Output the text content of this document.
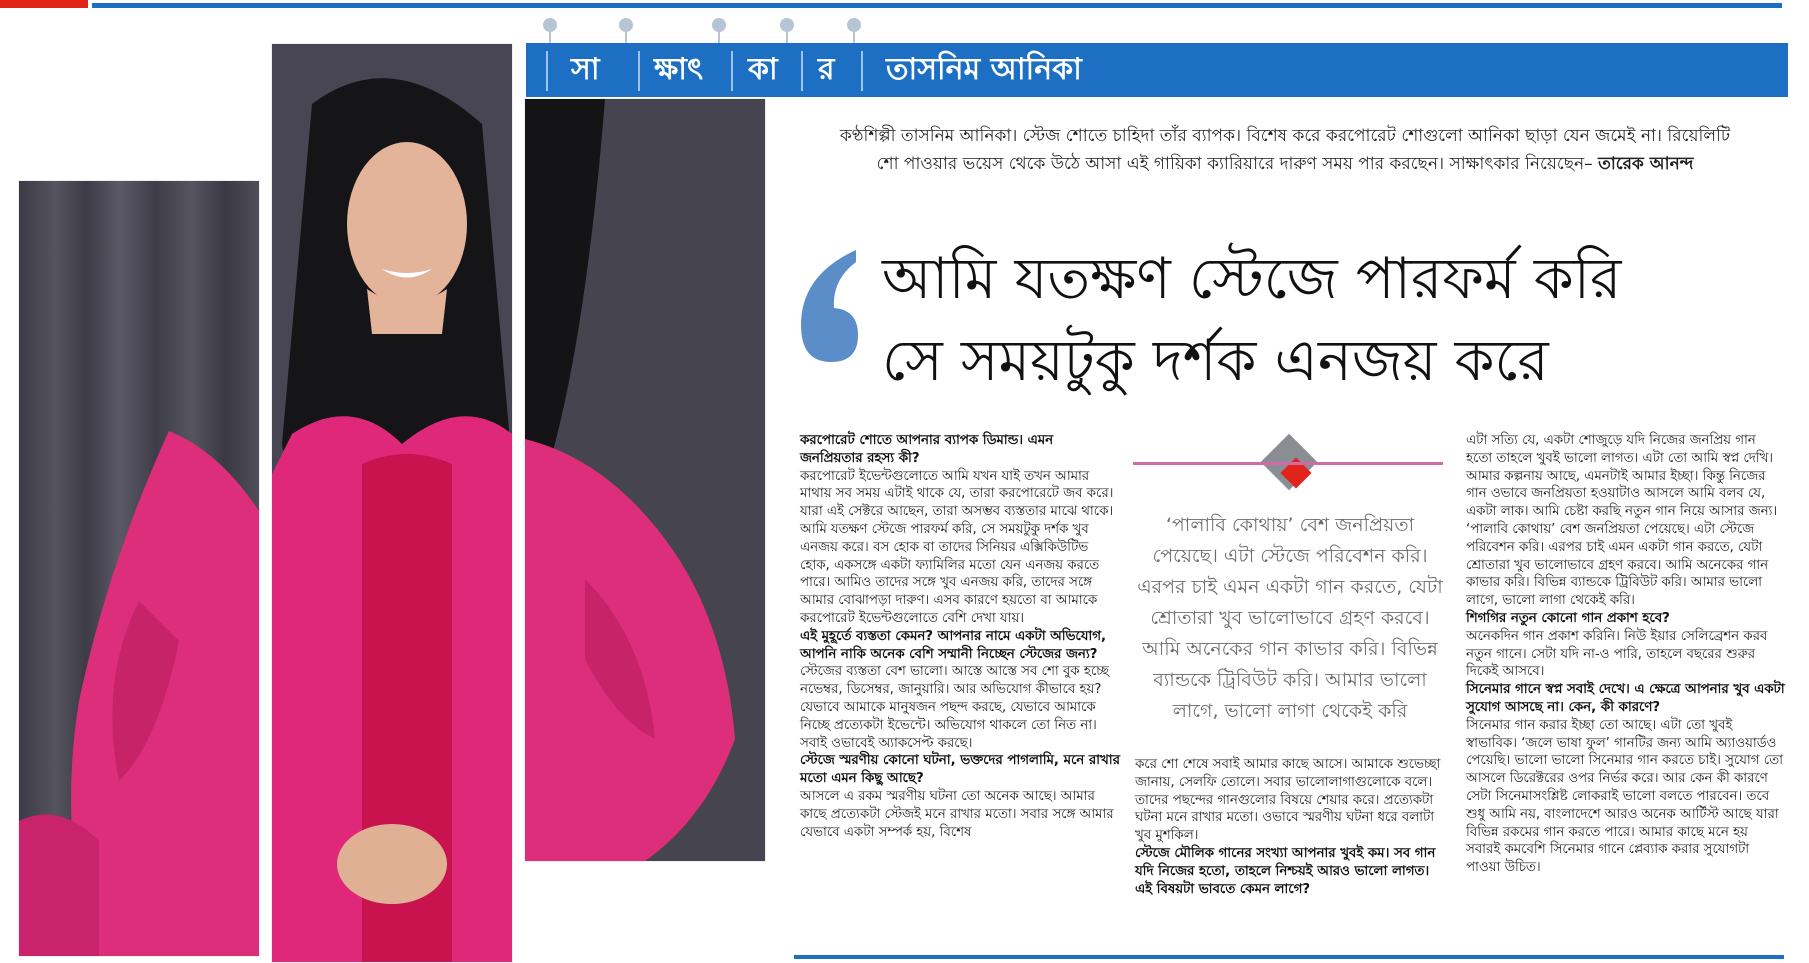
সা ক্ষাৎ কা র তাসনিম আনিকা
কণ্ঠশিল্পী তাসনিম আনিকা। স্টেজ শোতে চাহিদা তাঁর ব্যাপক। বিশেষ করে করপোরেট শোগুলো আনিকা ছাড়া যেন জমেই না। রিয়েলিটি শো পাওয়ার ভয়েস থেকে উঠে আসা এই গায়িকা ক্যারিয়ারে দারুণ সময় পার করছেন। সাক্ষাৎকার নিয়েছেন– তারেক আনন্দ
আমি যতক্ষণ স্টেজে পারফর্ম করি
সে সময়টুকু দর্শক এনজয় করে

করপোরেট শোতে আপনার ব্যাপক ডিমান্ড। এমন জনপ্রিয়তার রহস্য কী?

করপোরেট ইভেন্টগুলোতে আমি যখন যাই তখন আমার মাথায় সব সময় এটাই থাকে যে, তারা করপোরেটে জব করে। যারা এই সেক্টরে আছেন, তারা অসম্ভব ব্যস্ততার মাঝে থাকে। আমি যতক্ষণ স্টেজে পারফর্ম করি, সে সময়টুকু দর্শক খুব এনজয় করে। বস হোক বা তাদের সিনিয়র এক্সিকিউটিভ হোক, একসঙ্গে একটা ফ্যামিলির মতো যেন এনজয় করতে পারে। আমিও তাদের সঙ্গে খুব এনজয় করি, তাদের সঙ্গে আমার বোঝাপড়া দারুণ। এসব কারণে হয়তো বা আমাকে করপোরেট ইভেন্টগুলোতে বেশি দেখা যায়।

এই মুহূর্তে ব্যস্ততা কেমন? আপনার নামে একটা অভিযোগ, আপনি নাকি অনেক বেশি সম্মানী নিচ্ছেন স্টেজের জন্য?

স্টেজের ব্যস্ততা বেশ ভালো। আস্তে আস্তে সব শো বুক হচ্ছে নভেম্বর, ডিসেম্বর, জানুয়ারি। আর অভিযোগ কীভাবে হয়? যেভাবে আমাকে মানুষজন পছন্দ করছে, যেভাবে আমাকে নিচ্ছে প্রত্যেকটা ইভেন্টে। অভিযোগ থাকলে তো নিত না। সবাই ওভাবেই অ্যাকসেপ্ট করছে।

স্টেজে স্মরণীয় কোনো ঘটনা, ভক্তদের পাগলামি, মনে রাখার মতো এমন কিছু আছে?

আসলে এ রকম স্মরণীয় ঘটনা তো অনেক আছে। আমার কাছে প্রত্যেকটা স্টেজই মনে রাখার মতো। সবার সঙ্গে আমার যেভাবে একটা সম্পর্ক হয়, বিশেষ

‘পালাবি কোথায়’ বেশ জনপ্রিয়তা পেয়েছে। এটা স্টেজে পরিবেশন করি। এরপর চাই এমন একটা গান করতে, যেটা শ্রোতারা খুব ভালোভাবে গ্রহণ করবে। আমি অনেকের গান কাভার করি। বিভিন্ন ব্যান্ডকে ট্রিবিউট করি। আমার ভালো লাগে, ভালো লাগা থেকেই করি

করে শো শেষে সবাই আমার কাছে আসে। আমাকে শুভেচ্ছা জানায়, সেলফি তোলে। সবার ভালোলাগাগুলোকে বলে। তাদের পছন্দের গানগুলোর বিষয়ে শেয়ার করে। প্রত্যেকটা ঘটনা মনে রাখার মতো। ওভাবে স্মরণীয় ঘটনা ধরে বলাটা খুব মুশকিল।

স্টেজে মৌলিক গানের সংখ্যা আপনার খুবই কম। সব গান যদি নিজের হতো, তাহলে নিশ্চয়ই আরও ভালো লাগত। এই বিষয়টা ভাবতে কেমন লাগে?

এটা সত্যি যে, একটা শোজুড়ে যদি নিজের জনপ্রিয় গান হতো তাহলে খুবই ভালো লাগত। এটা তো আমি স্বপ্ন দেখি। আমার কল্পনায় আছে, এমনটাই আমার ইচ্ছা। কিন্তু নিজের গান ওভাবে জনপ্রিয়তা হওয়াটাও আসলে আমি বলব যে, একটা লাক। আমি চেষ্টা করছি নতুন গান নিয়ে আসার জন্য। ‘পালাবি কোথায়’ বেশ জনপ্রিয়তা পেয়েছে। এটা স্টেজে পরিবেশন করি। এরপর চাই এমন একটা গান করতে, যেটা শ্রোতারা খুব ভালোভাবে গ্রহণ করবে। আমি অনেকের গান কাভার করি। বিভিন্ন ব্যান্ডকে ট্রিবিউট করি। আমার ভালো লাগে, ভালো লাগা থেকেই করি।

শিগগির নতুন কোনো গান প্রকাশ হবে?

অনেকদিন গান প্রকাশ করিনি। নিউ ইয়ার সেলিব্রেশন করব নতুন গানে। সেটা যদি না-ও পারি, তাহলে বছরের শুরুর দিকেই আসবে।

সিনেমার গানে স্বপ্ন সবাই দেখে। এ ক্ষেত্রে আপনার খুব একটা সুযোগ আসছে না। কেন, কী কারণে?

সিনেমার গান করার ইচ্ছা তো আছে। এটা তো খুবই স্বাভাবিক। ‘জলে ভাষা ফুল’ গানটির জন্য আমি অ্যাওয়ার্ডও পেয়েছি। ভালো ভালো সিনেমার গান করতে চাই। সুযোগ তো আসলে ডিরেক্টরের ওপর নির্ভর করে। আর কেন কী কারণে সেটা সিনেমাসংশ্লিষ্ট লোকরাই ভালো বলতে পারবেন। তবে শুধু আমি নয়, বাংলাদেশে আরও অনেক আর্টিস্ট আছে যারা বিভিন্ন রকমের গান করতে পারে। আমার কাছে মনে হয় সবারই কমবেশি সিনেমার গানে প্লেব্যাক করার সুযোগটা পাওয়া উচিত।
